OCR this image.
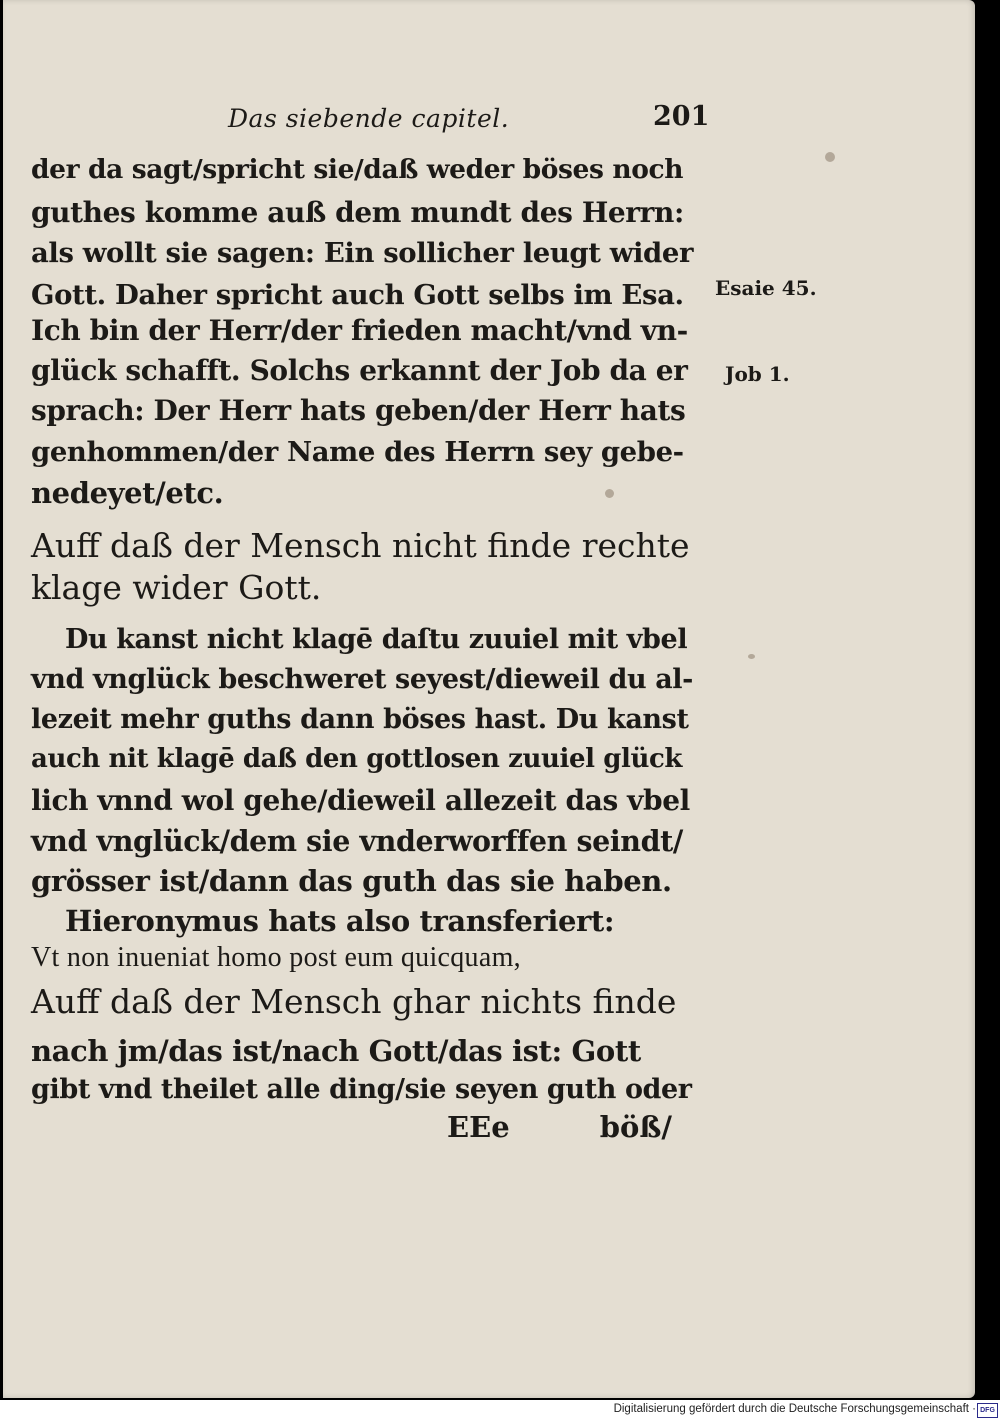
Das siebende capitel.	201
der da sagt/spricht sie/daß weder böses noch
guthes komme auß dem mundt des Herrn:
als wollt sie sagen: Ein sollicher leugt wider
Gott. Daher spricht auch Gott selbs im Esa.
Ich bin der Herr/der frieden macht/vnd vn-
glück schafft. Solchs erkannt der Job da er
sprach: Der Herr hats geben/der Herr hats
genhommen/der Name des Herrn sey gebe-
nedeyet/etc.
Auff daß der Mensch nicht finde rechte
klage wider Gott.
Du kanst nicht klagē daſtu zuuiel mit vbel
vnd vnglück beschweret seyest/dieweil du al-
lezeit mehr guths dann böses hast. Du kanst
auch nit klagē daß den gottlosen zuuiel glück
lich vnnd wol gehe/dieweil allezeit das vbel
vnd vnglück/dem sie vnderworffen seindt/
grösser ist/dann das guth das sie haben.
Hieronymus hats also transferiert:
Vt non inueniat homo post eum quicquam,
Auff daß der Mensch ghar nichts finde
nach jm/das ist/nach Gott/das ist: Gott
gibt vnd theilet alle ding/sie seyen guth oder
EEe	böß/
Esaie 45.
Job 1.
Digitalisierung gefördert durch die Deutsche Forschungsgemeinschaft · DFG
